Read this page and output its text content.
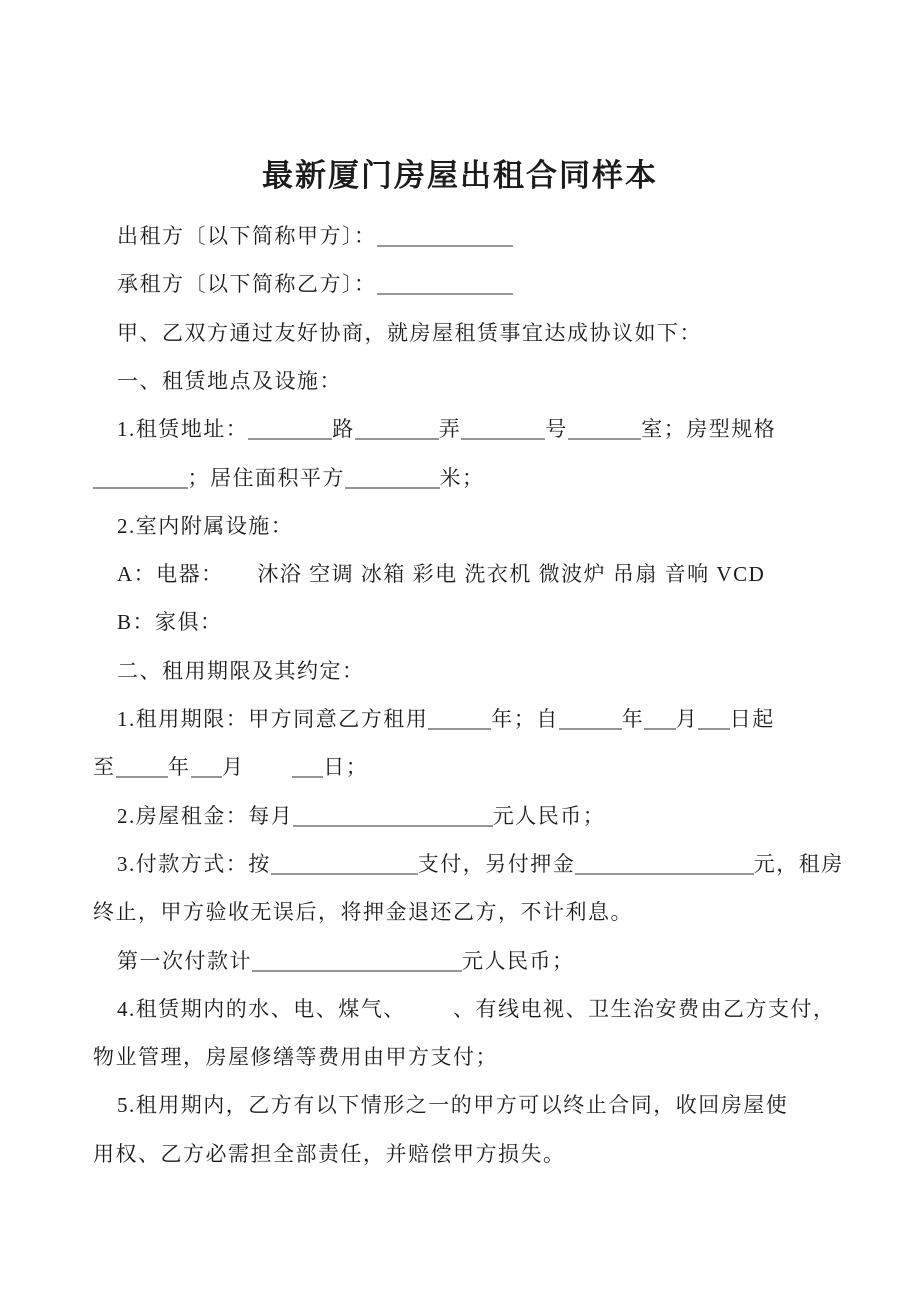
最新厦门房屋出租合同样本
出租方〔以下简称甲方〕：
承租方〔以下简称乙方〕：
甲、乙双方通过友好协商，就房屋租赁事宜达成协议如下：
一、租赁地点及设施：
1.租赁地址：	路	弄	号	室；房型规格
；居住面积平方	米；
2.室内附属设施：
A：电器： 沐浴 空调 冰箱 彩电 洗衣机 微波炉 吊扇 音响 VCD
B：家俱：
二、租用期限及其约定：
1.租用期限：甲方同意乙方租用	年；自	年 月 日起
至	年 月	日；
2.房屋租金：每月	元人民币；
3.付款方式：按	支付，另付押金	元，租房
终止，甲方验收无误后，将押金退还乙方，不计利息。
第一次付款计	元人民币；
4.租赁期内的水、电、煤气、 、有线电视、卫生治安费由乙方支付，
物业管理，房屋修缮等费用由甲方支付；
5.租用期内，乙方有以下情形之一的甲方可以终止合同，收回房屋使
用权、乙方必需担全部责任，并赔偿甲方损失。
